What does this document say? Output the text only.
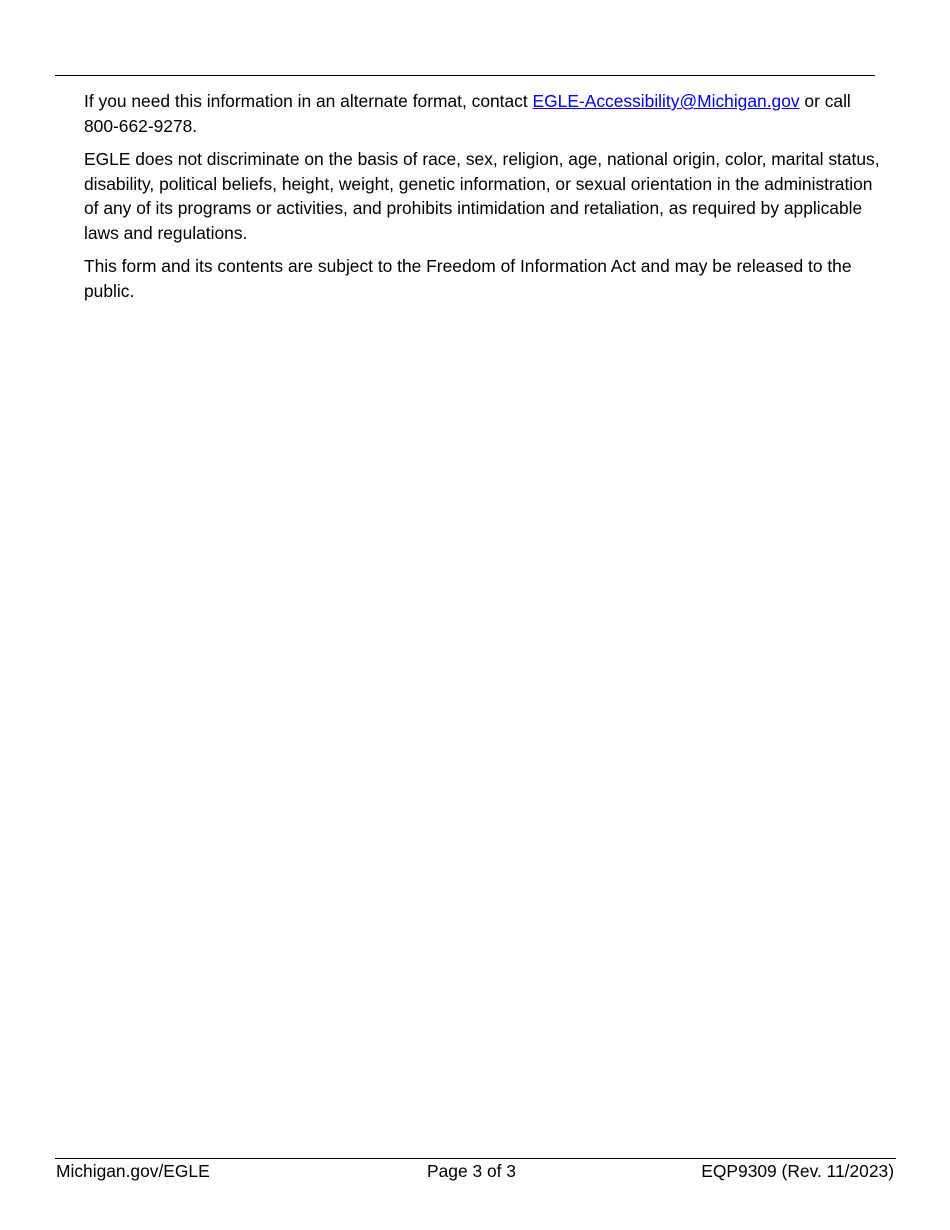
If you need this information in an alternate format, contact EGLE-Accessibility@Michigan.gov or call 800-662-9278.

EGLE does not discriminate on the basis of race, sex, religion, age, national origin, color, marital status, disability, political beliefs, height, weight, genetic information, or sexual orientation in the administration of any of its programs or activities, and prohibits intimidation and retaliation, as required by applicable laws and regulations.

This form and its contents are subject to the Freedom of Information Act and may be released to the public.

Michigan.gov/EGLE	Page 3 of 3	EQP9309 (Rev. 11/2023)
